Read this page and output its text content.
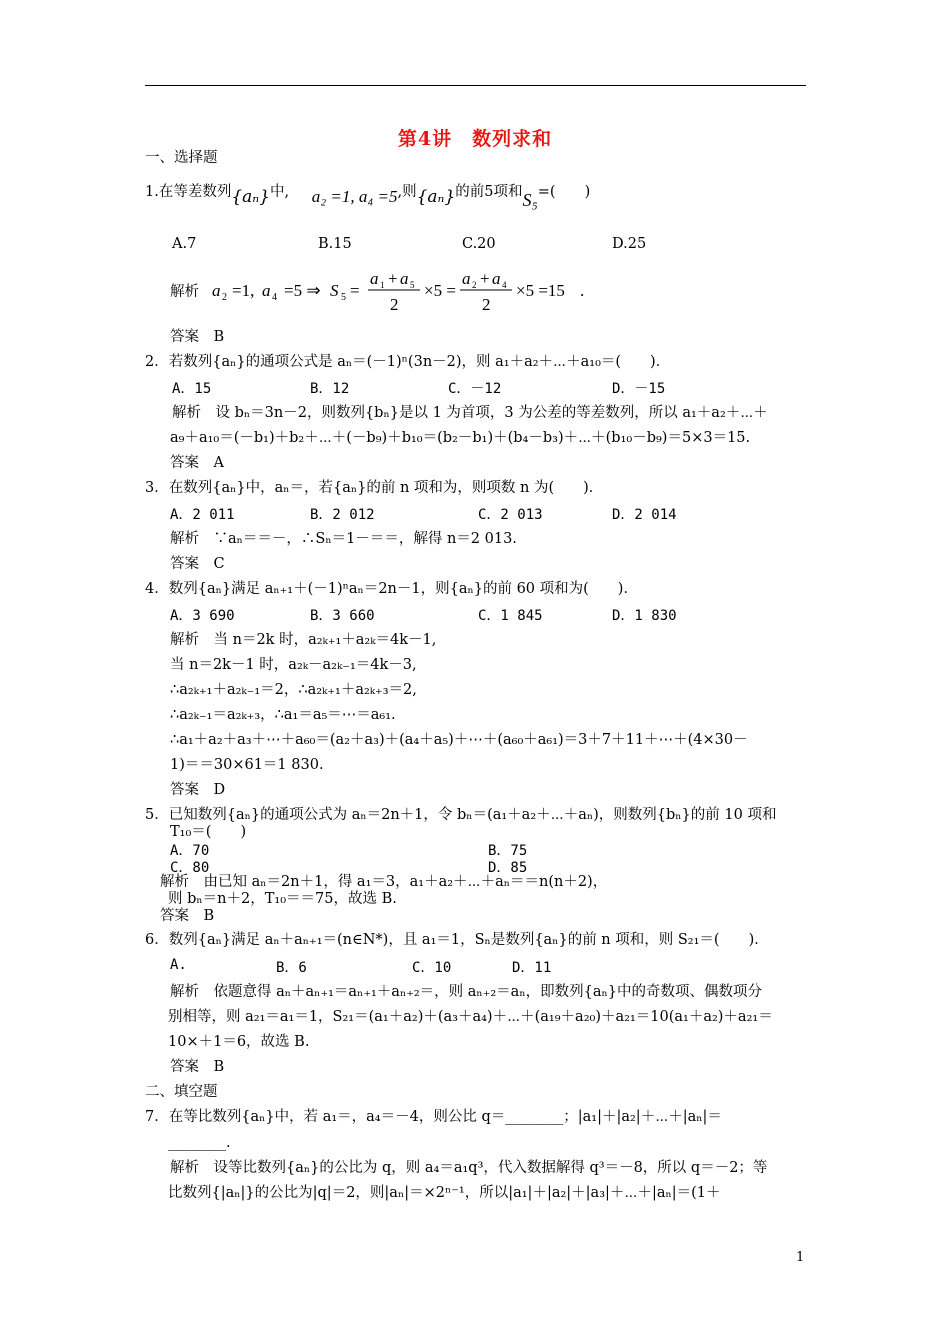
第4讲　数列求和
一、选择题
1.在等差数列{aₙ}中, a₂ =1, a₄ =5,则{aₙ}的前5项和S₅=(　　)
A.7	B.15	C.20	D.25
解析 a 2 =1, a 4 =5 ⇒ S 5 =
a 1 + a 5
2
×5 =
a 2 + a 4
2
×5 =15 .
答案　B
2．若数列{aₙ}的通项公式是 aₙ＝(－1)ⁿ(3n－2)，则 a₁＋a₂＋⋯＋a₁₀＝(　　)．
A．15	B．12	C．－12	D．－15
解析　设 bₙ＝3n－2，则数列{bₙ}是以 1 为首项，3 为公差的等差数列，所以 a₁＋a₂＋⋯＋
a₉＋a₁₀＝(－b₁)＋b₂＋⋯＋(－b₉)＋b₁₀＝(b₂－b₁)＋(b₄－b₃)＋⋯＋(b₁₀－b₉)＝5×3＝15.
答案　A
3．在数列{aₙ}中，aₙ＝，若{aₙ}的前 n 项和为，则项数 n 为(　　)．
A．2 011	B．2 012	C．2 013	D．2 014
解析　∵aₙ＝＝－，∴Sₙ＝1－＝＝，解得 n＝2 013.
答案　C
4．数列{aₙ}满足 aₙ₊₁＋(－1)ⁿaₙ＝2n－1，则{aₙ}的前 60 项和为(　　)．
A．3 690	B．3 660	C．1 845	D．1 830
解析　当 n＝2k 时，a₂ₖ₊₁＋a₂ₖ＝4k－1,
当 n＝2k－1 时，a₂ₖ－a₂ₖ₋₁＝4k－3,
∴a₂ₖ₊₁＋a₂ₖ₋₁＝2，∴a₂ₖ₊₁＋a₂ₖ₊₃＝2,
∴a₂ₖ₋₁＝a₂ₖ₊₃，∴a₁＝a₅＝⋯＝a₆₁.
∴a₁＋a₂＋a₃＋⋯＋a₆₀＝(a₂＋a₃)＋(a₄＋a₅)＋⋯＋(a₆₀＋a₆₁)＝3＋7＋11＋⋯＋(4×30－
1)＝＝30×61＝1 830.
答案　D
5．已知数列{aₙ}的通项公式为 aₙ＝2n＋1，令 bₙ＝(a₁＋a₂＋⋯＋aₙ)，则数列{bₙ}的前 10 项和
T₁₀＝(　　)
A．70	B．75
C．80	D．85
解析　由已知 aₙ＝2n＋1，得 a₁＝3，a₁＋a₂＋⋯＋aₙ＝＝n(n＋2)，
则 bₙ＝n＋2，T₁₀＝＝75，故选 B.
答案　B
6．数列{aₙ}满足 aₙ＋aₙ₊₁＝(n∈N*)，且 a₁＝1，Sₙ是数列{aₙ}的前 n 项和，则 S₂₁＝(　　)．
A.	B．6	C．10	D．11
解析　依题意得 aₙ＋aₙ₊₁＝aₙ₊₁＋aₙ₊₂＝，则 aₙ₊₂＝aₙ，即数列{aₙ}中的奇数项、偶数项分
别相等，则 a₂₁＝a₁＝1，S₂₁＝(a₁＋a₂)＋(a₃＋a₄)＋⋯＋(a₁₉＋a₂₀)＋a₂₁＝10(a₁＋a₂)＋a₂₁＝
10×＋1＝6，故选 B.
答案　B
二、填空题
7．在等比数列{aₙ}中，若 a₁＝，a₄＝－4，则公比 q＝________；|a₁|＋|a₂|＋⋯＋|aₙ|＝
________.
解析　设等比数列{aₙ}的公比为 q，则 a₄＝a₁q³，代入数据解得 q³＝－8，所以 q＝－2；等
比数列{|aₙ|}的公比为|q|＝2，则|aₙ|＝×2ⁿ⁻¹，所以|a₁|＋|a₂|＋|a₃|＋⋯＋|aₙ|＝(1＋
1
